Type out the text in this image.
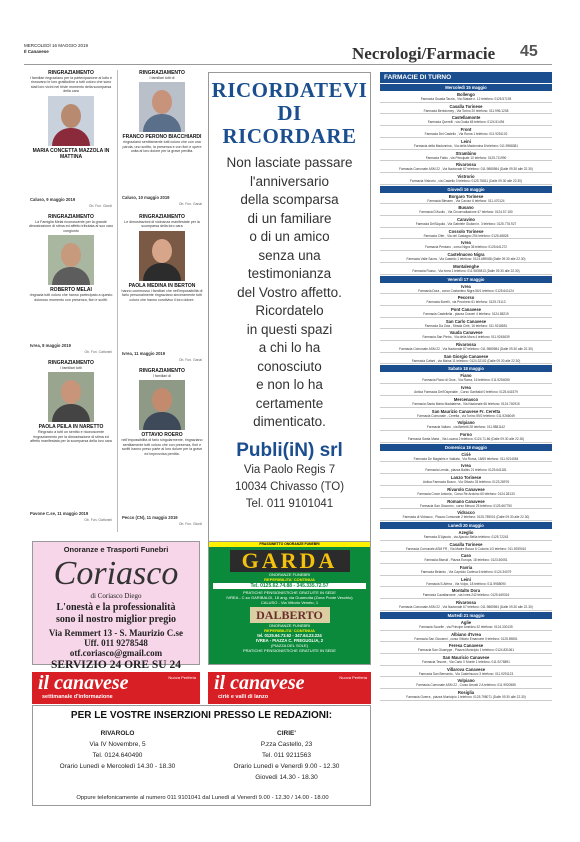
MERCOLEDÌ 16 MAGGIO 2019
Il Canavese	Necrologi/Farmacie 45
RINGRAZIAMENTO
I familiari ringraziano per la partecipazione al lutto e rinnovano le loro gratitudine a tutti coloro che sono stati loro vicini nel triste momento della scomparsa della cara
MARIA CONCETTA MAZZOLA IN MATTINA
Caluso, 9 maggio 2019
Ob. Fun. Giordi
RINGRAZIAMENTO
La Famiglia Melai riconoscente per la grande dimostrazione di stima ed affetto tributata al suo caro congiunto
ROBERTO MELAI
ringrazia tutti coloro che hanno partecipato a questo doloroso momento con presenza, fiori e scritti.
Ivrea, 8 maggio 2019
Ob. Fun. Cattonini
RINGRAZIAMENTO
I familiari tutti
PAOLA PEILA IN NARETTO
Ringrazio a tutti un sentito e riconoscente ringraziamento per la dimostrazione di stima ed affetto manifestata per la scomparsa della loro cara
Pavone C.se, 11 maggio 2019
Ob. Fun. Gattonini
RINGRAZIAMENTO
I familiari tutti di
FRANCO PERONO BIACCHIARDI
ringraziano sentitamente tutti coloro che con una parola, uno scritto, la presenza e con fiori e opere unita al loro dolore per la grave perdita.
Caluso, 10 maggio 2019
Ob. Fun. Ganai
RINGRAZIAMENTO
Le dimostrazioni di vicinanza manifestate per la scomparsa della loro cara
PAOLA MEDINA IN BERTON
hanno commosso i familiari che nell'impossibilità di farlo personalmente ringraziano sinceramente tutti coloro che hanno condiviso il loro dolore.
Ivrea, 11 maggio 2019
Ob. Fun. Ganai
RINGRAZIAMENTO
I familiari di
OTTAVIO ROERO
nell'impossibilità di farlo singolarmente, ringraziano sentitamente tutti coloro che con presenza, fiori e scritti hanno preso parte al loro dolore per la grave ed improvvisa perdita.
Pecco (CN), 11 maggio 2019
Ob. Fun. Giurdi
RICORDATEVI
DI RICORDARE
Non lasciate passare
l'anniversario
della scomparsa
di un familiare
o di un amico
senza una
testimonianza
del Vostro affetto.
Ricordatelo
in questi spazi
a chi lo ha
conosciuto
e non lo ha
certamente
dimenticato.
Publi(iN) srl
Via Paolo Regis 7
10034 Chivasso (TO)
Tel. 011 9101041
FARMACIE DI TURNO
Mercoledì 15 maggio
Bollengo
Farmacia Guasta Tarzia , Via Statale n. 12 telefono: 0125.57193
Casalla Torinese
Farmacia Bertolomey , Via Torino 20 telefono: 011.996.1238
Castellamonte
Farmacia Querelli , via Guala 65 telefono: 0124.51494
Front
Farmacia Del Castello , Via Roma 1 telefono: 011.9251102
Leini
Farmacia della Madonnina , Via della Madonnina 8 telefono: 011.9988381
Strambino
Farmacia Fabio , via Principale 10 telefono: 0125.711990
Rivarossa
Farmacia Comunale ASM 22 , Via Nazionale 67 telefono: 011.9880984 (Dalle 09.30 alle 22.30)
Vistrorio
Farmacia Vistrorio , via Castello 3 telefono: 0125.76811 (Dalle 09.30 alle 22.30)
Giovedì 16 maggio
Borgaro Torinese
Farmacia Blessen , Via Cavour 6 telefono: 011.470124
Busano
Farmacia D'Avolio , Via Circonvallazione 47 telefono: 0124.57.150
Caravino
Farmacia Dell'Aquila , Via Gabriele Giuliani n. 3 telefono: 0125.778.927
Cossolo Torinese
Farmacia Cifer , Via del Castagno 294 telefono: 0125.48828
Ivrea
Farmacia Pensaro , corso Nigra 36 telefono: 0125.641272
Castelnuovo Nigra
Farmacia Valle Sacra , Via Castello 1 telefono: 0124.659088 (Dalle 09.30 alle 22.30)
Montalenghe
Farmacia Russo , Via Ivrea 1 telefono: 011.9839813 (Dalle 09.30 alle 22.30)
Venerdì 17 maggio
Ivrea
Farmacia Dora , corso Costantino Nigra 56/1 telefono: 0125.641124
Pecorso
Farmacia Borelli , via Peccheto 61 telefono: 0125.74113
Pont Canavese
Farmacia Castellelia , piazza Craveri 4 telefono: 0124.85219
San Carlo Canavese
Farmacia Da Zoia , Strada Ciriè, 16 telefono: 011.9218851
Vauda Canavese
Farmacia San Pietro , Via della Mora 4 telefono: 011.9245639
Rivarossa
Farmacia Comunale ASM 22 , Via Nazionale 67 telefono: 011.9880984 (Dalle 09.30 alle 22.30)
San Giorgio Canavese
Farmacia Cafani , via Maina 11 telefono: 0124.32102 (Dalle 09.30 alle 22.30)
Sabato 18 maggio
Fiano
Farmacia Fiano di Gros , Via Roma, 16 telefono: 011.9254055
Ivrea
Antica Farmacia Dell'Ospedale , Corso Garibaldi 0 telefono: 0125.641579
Mercenasco
Farmacia Santa Maria Maddalena , Via Nazionale 66 telefono: 0124.740915
San Maurizio Canavese Fr. Ceretta
Farmacia Comunale - Ceretta , via Torino 59/2 telefono: 011.9266049
Volpiano
Farmacia Vallaro , via Bertetti 28 telefono: 011.9881142
Forno
Farmacia Santa Maria , Via Locana 2 telefono: 0124.71.66 (Dalle 09.30 alle 22.30)
Domenica 19 maggio
Ciriè
Farmacia De Magistris e Valdata , Via Roma, 18/65 telefono: 011.9214084
Ivrea
Farmacia Lenda , piazza Balbis 21 telefono: 0125.641181
Lanzo Torinese
Antica Farmacia Buzzo , Via Ottavio 33 telefono: 0123.28976
Rivarolo Canavese
Farmacia Croce Antonia , Corso Re Arduino 60 telefono: 0124.28133
Romano Canavese
Farmacia San Giacomo , corso Meucci 25 telefono: 0125.667750
Vidracco
Farmacia di Vidracco , Piazza Comunale 2 telefono: 0125.789001 (Dalle 09.30 alle 22.30)
Lunedì 20 maggio
Azeglio
Farmacia D'Ajaccio , via Ajaccio Bellia telefono: 0125.72243
Casalla Torinese
Farmacia Comunale ASM FR , Via Madre Bosco 6 Colonia 1/3 telefono: 011.9259010
Caso
Farmacia Biseuil , Piazza Europa, 18 telefono: 0123.50051
Favria
Farmacia Belardo , Via Capriolo Carleva 6 telefono: 0124.34079
Leini
Farmacia S.Aferra , Via Volpo, 18 telefono: 011.9988090
Montalto Dora
Farmacia Cavallaroone , via Ivrea 242 telefono: 0125.649316
Rivarossa
Farmacia Comunale ASM 22 , Via Nazionale 67 telefono: 011.9880984 (Dalle 09.30 alle 22.30)
Martedì 21 maggio
Aglie
Farmacia Scuelle , via Principe Amedeo 32 telefono: 0124.330139
Albiano d'Ivrea
Farmacia San Giovanni , corso Vittorio Emanuele II telefono: 0125.59851
Feresa Canavese
Farmacia San Giuseppe , Piazza Municipio 1 telefono: 0124.831061
San Mauricio Canavese
Farmacia Tesone , Via Carlo V Monte 1 telefono: 011.9278891
Villarova Canavese
Farmacia San Bernardo , Via Castelnuovo 3 telefono: 011.9291123
Volpiano
Farmacia Comunale ASM 22 , Corso Arrosti 2 A telefono: 011.9920585
Rosiglia
Farmacia Guerra , piazza Municipio 1 telefono: 0125.798071 (Dalle 09.30 alle 22.30)
Onoranze e Trasporti Funebri
Coriasco
di Coriasco Diego
L'onestà e la professionalità
sono il nostro miglior pregio
Via Remmert 13 - S. Maurizio C.se
Uff. 011 9278548
otf.coriasco@gmail.com
SERVIZIO 24 ORE SU 24
FRASSINETTO ONORANZE FUNEBRI
GARDA
ONORANZE FUNEBRI
REPERIBILITA' CONTINUA
Tel. 0125.62.74.88 - 345.335.72.57
PRATICHE PENSIONISTICHE GRATUITE IN SEDE
IVREA - C.so GARIBALDI, 18 ang. via Guarnotta (Zona Ponte Vecchio)
CALUSO - Via Vittorio Veneto, 1
DALBERTO
ONORANZE FUNEBRI
REPERIBILITA' CONTINUA
tel. 0125.64.73.62 - 347.64.23.224
IVREA - PIAZZA C. FREGUGLIA, 2
(PIAZZA DEL SOLE)
PRATICHE PENSIONISTICHE GRATUITE IN SEDE
il canavese
settimanale d'informazione
Nuova Periferia il canavese
ciriè e valli di lanzo
Nuova Periferia
PER LE VOSTRE INSERZIONI PRESSO LE REDAZIONI:
RIVAROLO
Via IV Novembre, 5
Tel. 0124.640490
Orario Lunedì e Mercoledì 14.30 - 18.30
CIRIE'
P.zza Castello, 23
Tel. 011 9211563
Orario Lunedì e Venerdì 9.00 - 12.30
Giovedì 14.30 - 18.30
Oppure telefonicamente al numero 011 9101041 dal Lunedì al Venerdì 9.00 - 12.30 / 14.00 - 18.00
